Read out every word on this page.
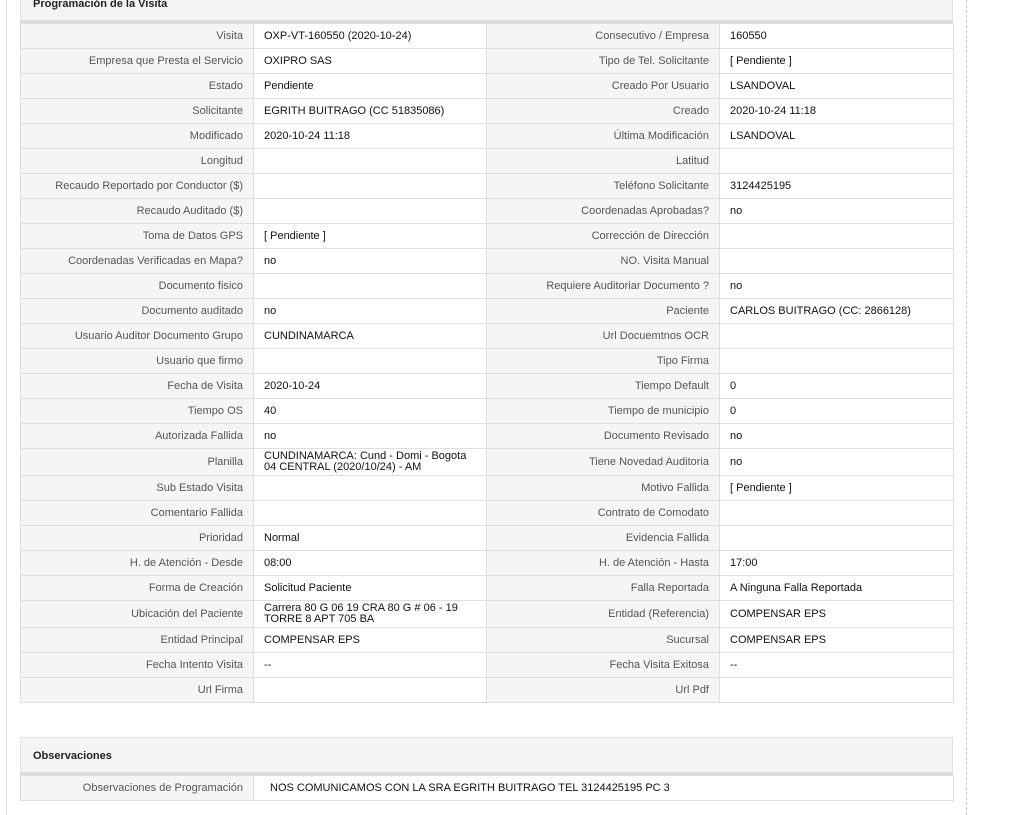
Programación de la Visita
Visita	OXP-VT-160550 (2020-10-24)	Consecutivo / Empresa	160550
Empresa que Presta el Servicio	OXIPRO SAS	Tipo de Tel. Solicitante	[ Pendiente ]
Estado	Pendiente	Creado Por Usuario	LSANDOVAL
Solicitante	EGRITH BUITRAGO (CC 51835086)	Creado	2020-10-24 11:18
Modificado	2020-10-24 11:18	Última Modificación	LSANDOVAL
Longitud		Latitud	
Recaudo Reportado por Conductor ($)		Teléfono Solicitante	3124425195
Recaudo Auditado ($)		Coordenadas Aprobadas?	no
Toma de Datos GPS	[ Pendiente ]	Corrección de Dirección	
Coordenadas Verificadas en Mapa?	no	NO. Visita Manual	
Documento fisico		Requiere Auditoriar Documento ?	no
Documento auditado	no	Paciente	CARLOS BUITRAGO (CC: 2866128)
Usuario Auditor Documento Grupo	CUNDINAMARCA	Url Docuemtnos OCR	
Usuario que firmo		Tipo Firma	
Fecha de Visita	2020-10-24	Tiempo Default	0
Tiempo OS	40	Tiempo de municipio	0
Autorizada Fallida	no	Documento Revisado	no
Planilla	CUNDINAMARCA: Cund - Domi - Bogota 04 CENTRAL (2020/10/24) - AM	Tiene Novedad Auditoria	no
Sub Estado Visita		Motivo Fallida	[ Pendiente ]
Comentario Fallida		Contrato de Comodato	
Prioridad	Normal	Evidencia Fallida	
H. de Atención - Desde	08:00	H. de Atención - Hasta	17:00
Forma de Creación	Solicitud Paciente	Falla Reportada	A Ninguna Falla Reportada
Ubicación del Paciente	Carrera 80 G 06 19 CRA 80 G # 06 - 19 TORRE 8 APT 705 BA	Entidad (Referencia)	COMPENSAR EPS
Entidad Principal	COMPENSAR EPS	Sucursal	COMPENSAR EPS
Fecha Intento Visita	--	Fecha Visita Exitosa	--
Url Firma		Url Pdf	
Observaciones
Observaciones de Programación	NOS COMUNICAMOS CON LA SRA EGRITH BUITRAGO TEL 3124425195 PC 3
